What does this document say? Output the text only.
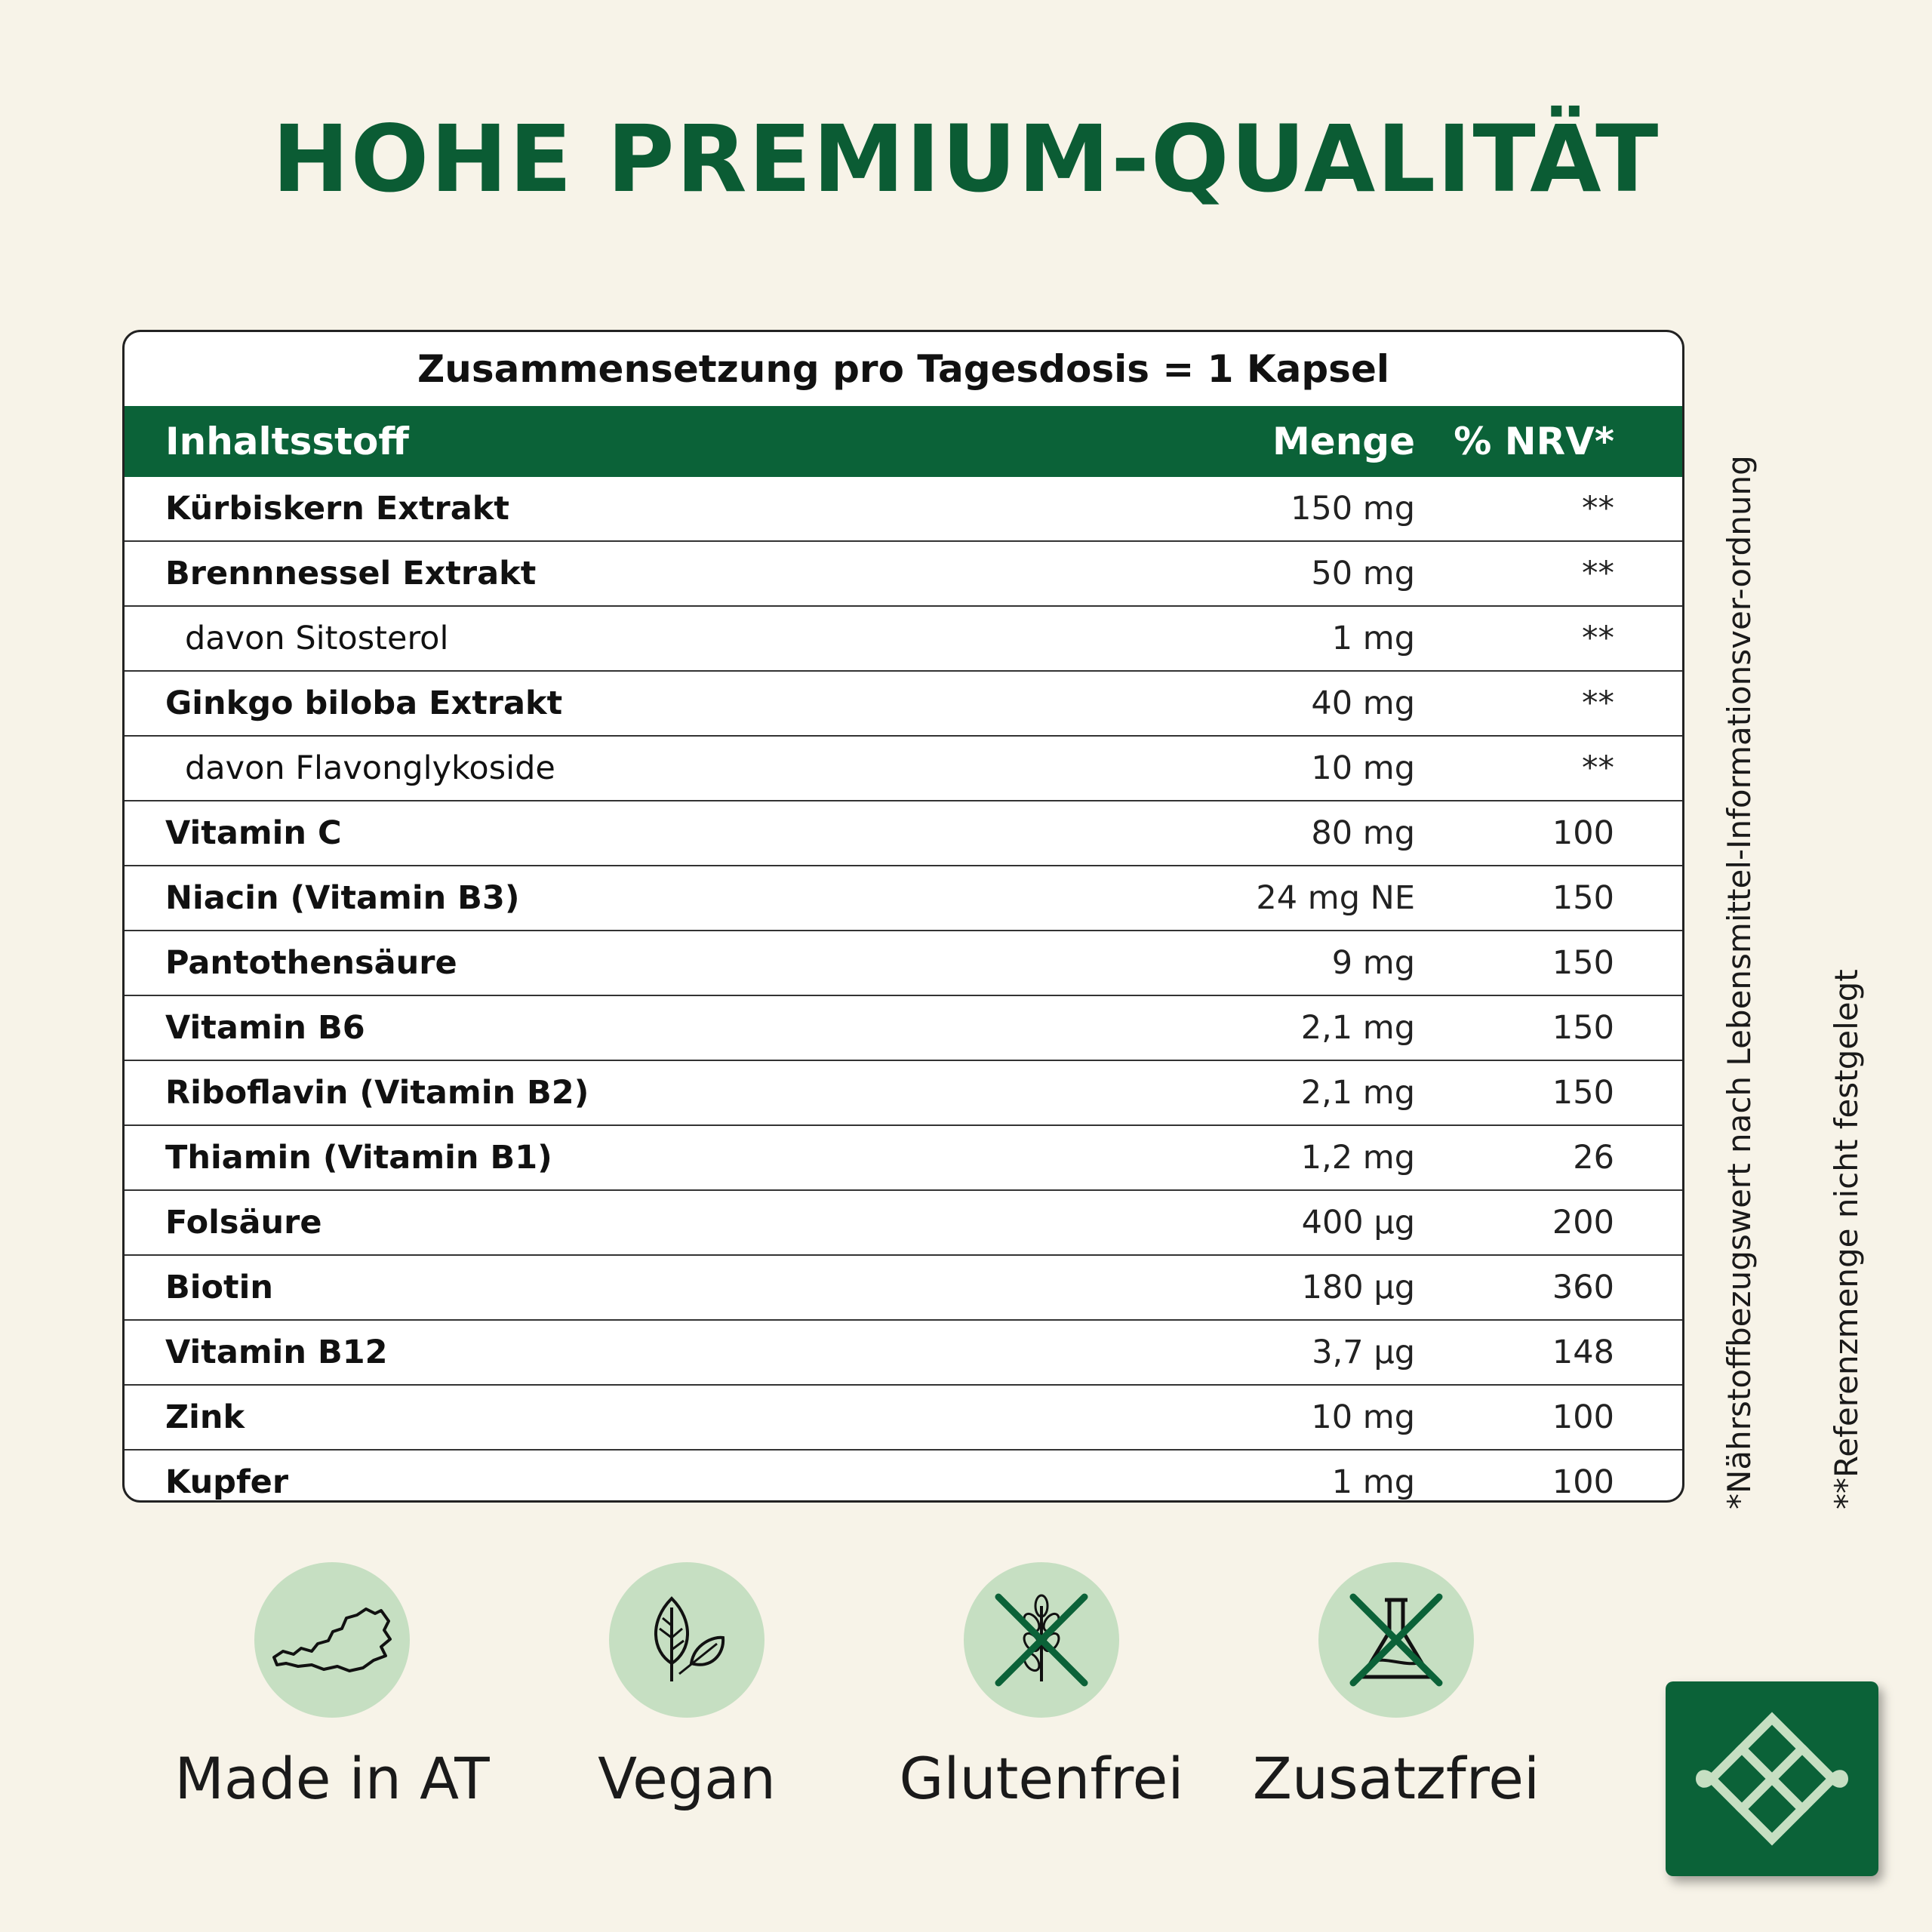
HOHE PREMIUM-QUALITÄT
Zusammensetzung pro Tagesdosis = 1 Kapsel
Inhaltsstoff	Menge	% NRV*
Kürbiskern Extrakt	150 mg	**
Brennnessel Extrakt	50 mg	**
davon Sitosterol	1 mg	**
Ginkgo biloba Extrakt	40 mg	**
davon Flavonglykoside	10 mg	**
Vitamin C	80 mg	100
Niacin (Vitamin B3)	24 mg NE	150
Pantothensäure	9 mg	150
Vitamin B6	2,1 mg	150
Riboflavin (Vitamin B2)	2,1 mg	150
Thiamin (Vitamin B1)	1,2 mg	26
Folsäure	400 µg	200
Biotin	180 µg	360
Vitamin B12	3,7 µg	148
Zink	10 mg	100
Kupfer	1 mg	100	*Nährstoffbezugswert nach Lebensmittel-Informationsver-ordnung **Referenzmenge nicht festgelegt
Made in AT	Vegan	Glutenfrei Zusatzfrei
